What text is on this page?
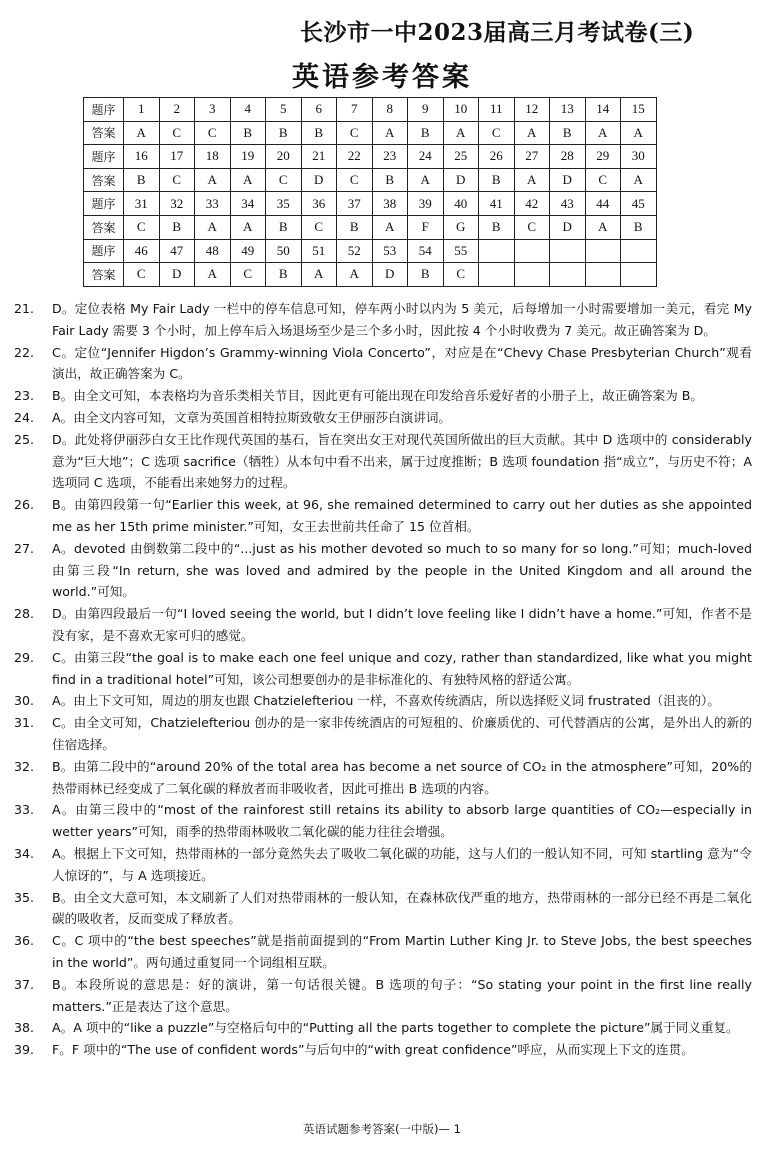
长沙市一中2023届高三月考试卷(三)
英语参考答案
题序	1	2	3	4	5	6	7	8	9	10	11	12	13	14	15
答案	A	C	C	B	B	B	C	A	B	A	C	A	B	A	A
题序	16	17	18	19	20	21	22	23	24	25	26	27	28	29	30
答案	B	C	A	A	C	D	C	B	A	D	B	A	D	C	A
题序	31	32	33	34	35	36	37	38	39	40	41	42	43	44	45
答案	C	B	A	A	B	C	B	A	F	G	B	C	D	A	B
题序	46	47	48	49	50	51	52	53	54	55					
答案	C	D	A	C	B	A	A	D	B	C					
21.	D。定位表格 My Fair Lady 一栏中的停车信息可知，停车两小时以内为 5 美元，后每增加一小时需要增加一美元，看完 My Fair Lady 需要 3 个小时，加上停车后入场退场至少是三个多小时，因此按 4 个小时收费为 7 美元。故正确答案为 D。
22.	C。定位“Jennifer Higdon’s Grammy-winning Viola Concerto”，对应是在“Chevy Chase Presbyterian Church”观看演出，故正确答案为 C。
23.	B。由全文可知，本表格均为音乐类相关节目，因此更有可能出现在印发给音乐爱好者的小册子上，故正确答案为 B。
24.	A。由全文内容可知，文章为英国首相特拉斯致敬女王伊丽莎白演讲词。
25.	D。此处将伊丽莎白女王比作现代英国的基石，旨在突出女王对现代英国所做出的巨大贡献。其中 D 选项中的 considerably 意为“巨大地”；C 选项 sacrifice（牺牲）从本句中看不出来，属于过度推断；B 选项 foundation 指“成立”，与历史不符；A 选项同 C 选项，不能看出来她努力的过程。
26.	B。由第四段第一句“Earlier this week, at 96, she remained determined to carry out her duties as she appointed me as her 15th prime minister.”可知，女王去世前共任命了 15 位首相。
27.	A。devoted 由倒数第二段中的“...just as his mother devoted so much to so many for so long.”可知；much-loved 由第三段“In return, she was loved and admired by the people in the United Kingdom and all around the world.”可知。
28.	D。由第四段最后一句“I loved seeing the world, but I didn’t love feeling like I didn’t have a home.”可知，作者不是没有家，是不喜欢无家可归的感觉。
29.	C。由第三段“the goal is to make each one feel unique and cozy, rather than standardized, like what you might find in a traditional hotel”可知，该公司想要创办的是非标准化的、有独特风格的舒适公寓。
30.	A。由上下文可知，周边的朋友也跟 Chatzielefteriou 一样，不喜欢传统酒店，所以选择贬义词 frustrated（沮丧的）。
31.	C。由全文可知，Chatzielefteriou 创办的是一家非传统酒店的可短租的、价廉质优的、可代替酒店的公寓，是外出人的新的住宿选择。
32.	B。由第二段中的“around 20% of the total area has become a net source of CO₂ in the atmosphere”可知，20%的热带雨林已经变成了二氧化碳的释放者而非吸收者，因此可推出 B 选项的内容。
33.	A。由第三段中的“most of the rainforest still retains its ability to absorb large quantities of CO₂—especially in wetter years”可知，雨季的热带雨林吸收二氧化碳的能力往往会增强。
34.	A。根据上下文可知，热带雨林的一部分竟然失去了吸收二氧化碳的功能，这与人们的一般认知不同，可知 startling 意为“令人惊讶的”，与 A 选项接近。
35.	B。由全文大意可知，本文刷新了人们对热带雨林的一般认知，在森林砍伐严重的地方，热带雨林的一部分已经不再是二氧化碳的吸收者，反而变成了释放者。
36.	C。C 项中的“the best speeches”就是指前面提到的“From Martin Luther King Jr. to Steve Jobs, the best speeches in the world”。两句通过重复同一个词组相互联。
37.	B。本段所说的意思是：好的演讲，第一句话很关键。B 选项的句子：“So stating your point in the first line really matters.”正是表达了这个意思。
38.	A。A 项中的“like a puzzle”与空格后句中的“Putting all the parts together to complete the picture”属于同义重复。
39.	F。F 项中的“The use of confident words”与后句中的“with great confidence”呼应，从而实现上下文的连贯。
英语试题参考答案(一中版)— 1
